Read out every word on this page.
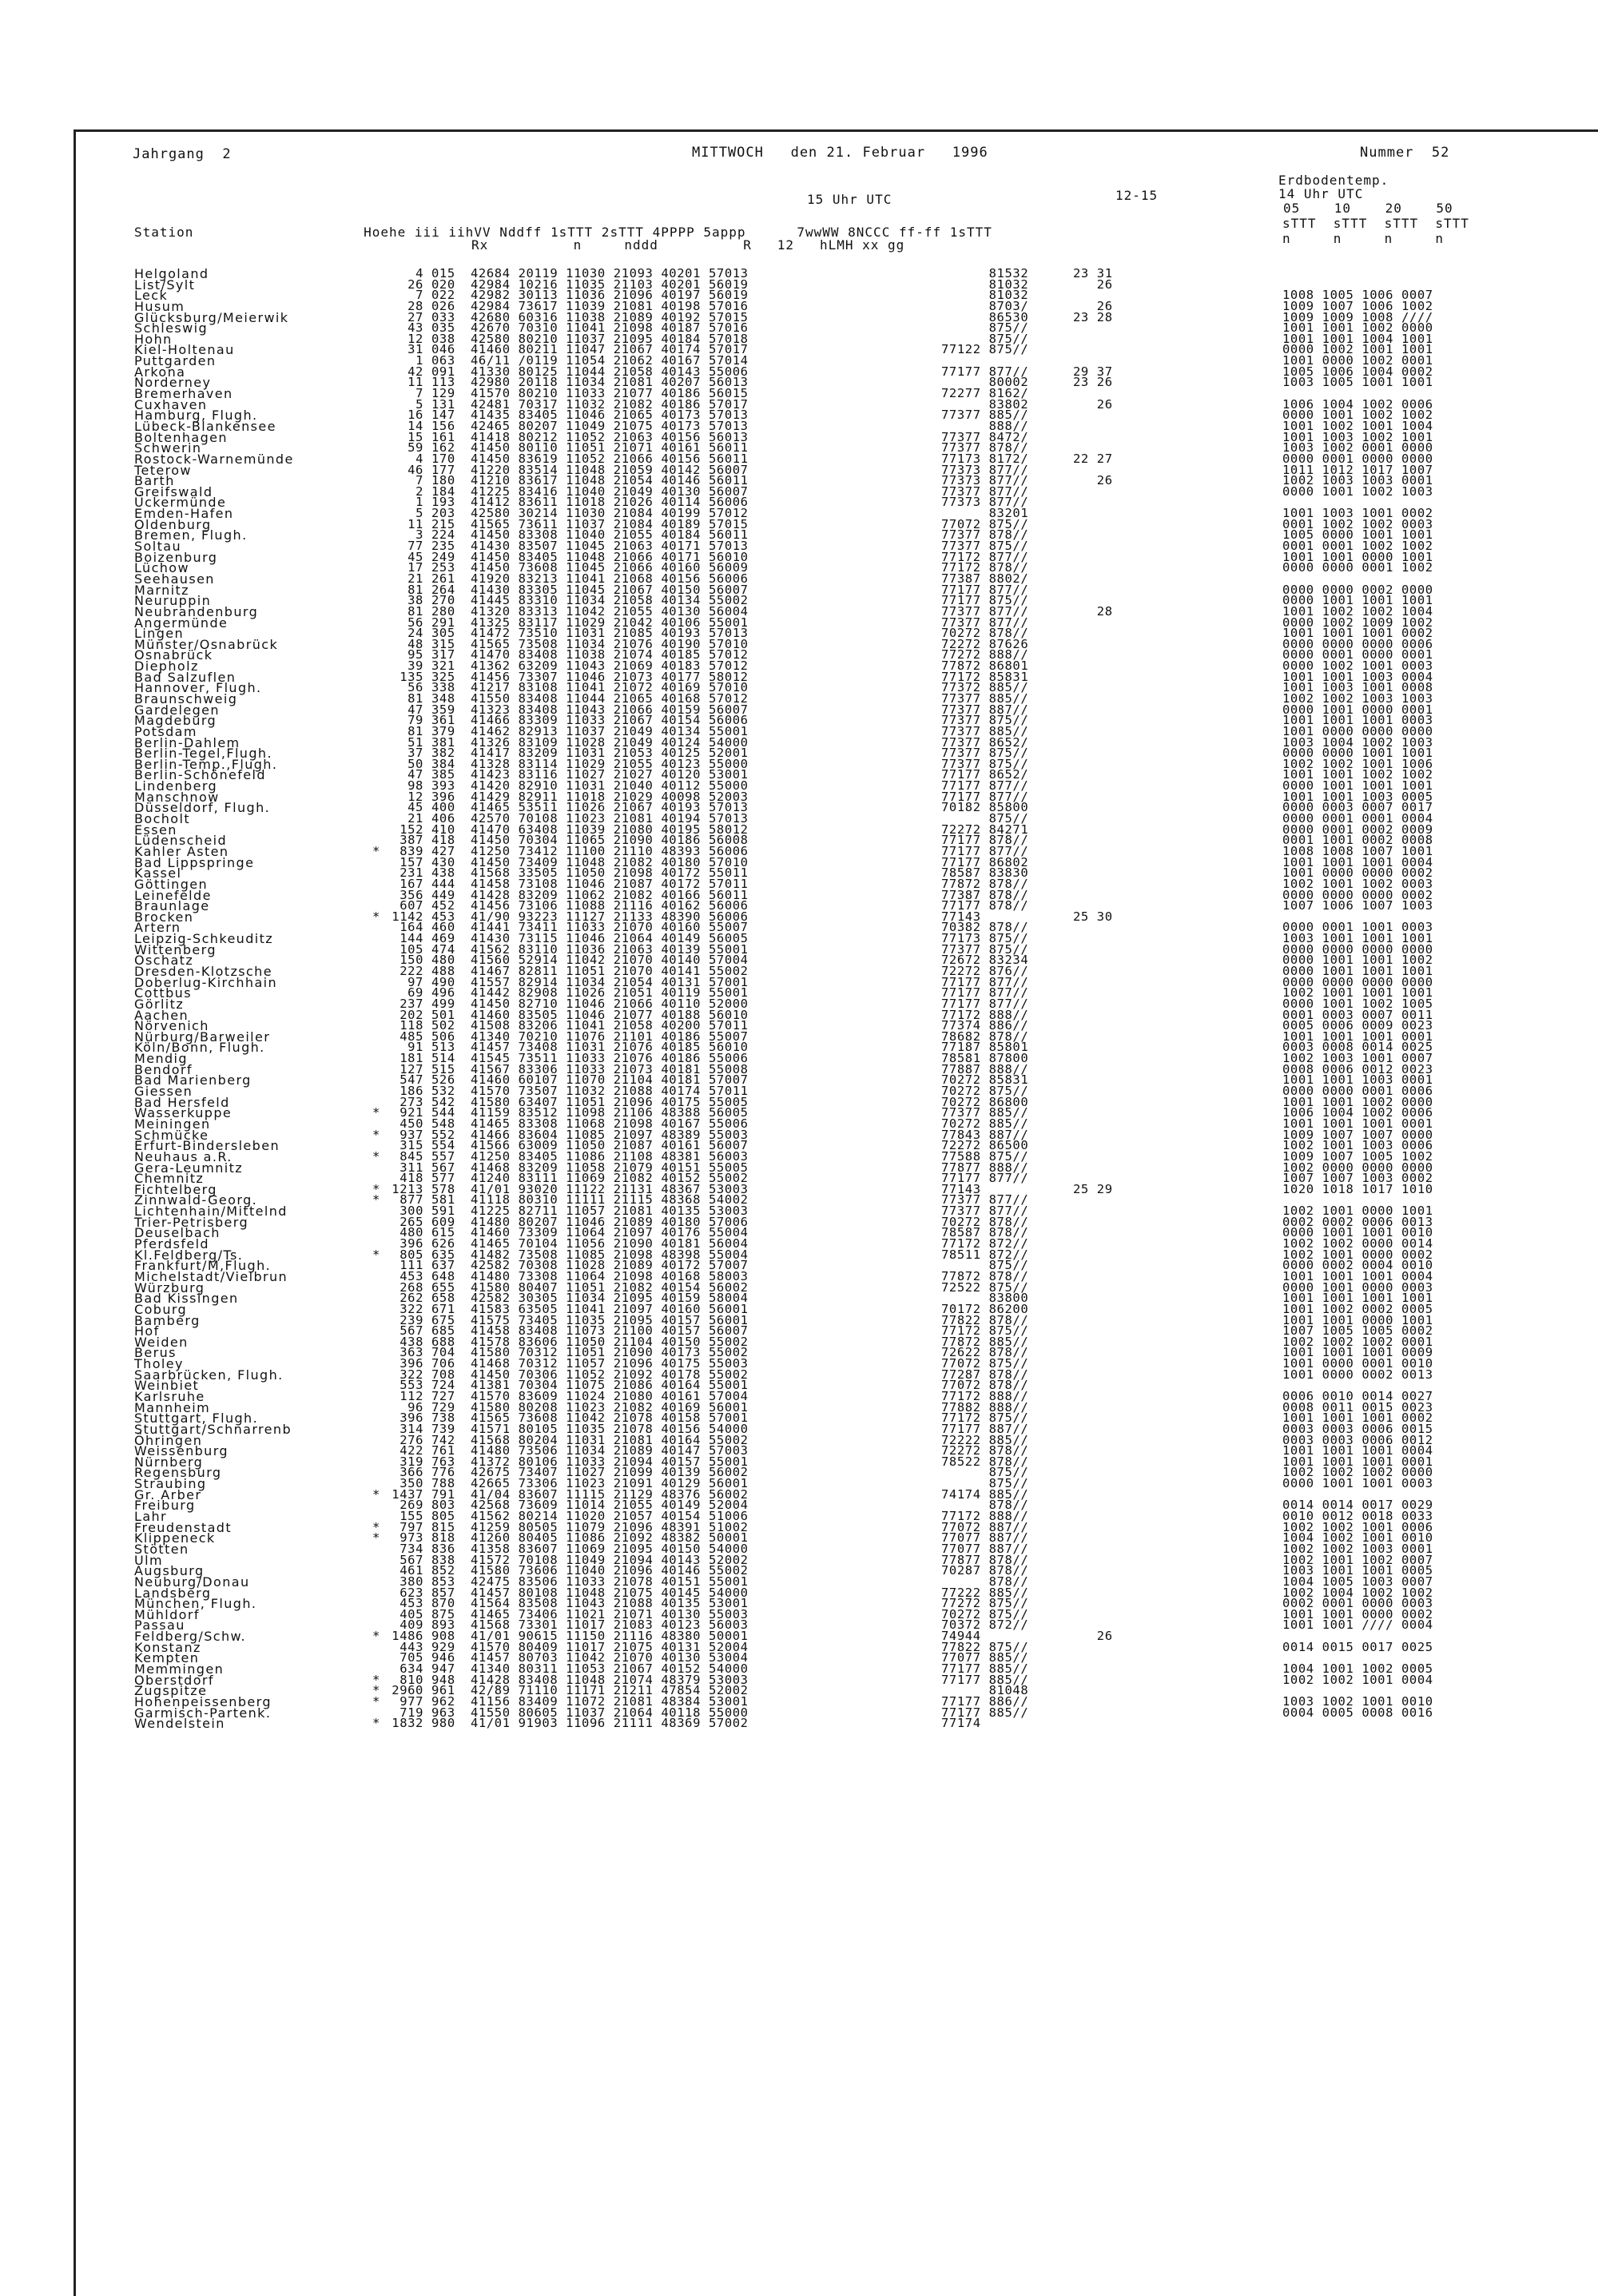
Jahrgang  2	MITTWOCH   den 21. Februar   1996	Nummer  52
Erdbodentemp.
14 Uhr UTC
15 Uhr UTC	12-15
05    10    20    50
Station                    Hoehe iii iihVV Nddff 1sTTT 2sTTT 4PPPP 5appp      7wwWW 8NCCC ff-ff 1sTTT
sTTT  sTTT  sTTT  sTTT
Rx          n     nddd          R   12   hLMH xx gg	n     n     n     n
Helgoland	4 015 42684 20119 11030 21093 40201 57013	81532	23 31
List/Sylt	26 020 42984 10216 11035 21103 40201 56019	81032	26
Leck	7 022 42982 30113 11036 21096 40197 56019	81032	1008 1005 1006 0007
Husum	28 026 42984 73617 11039 21081 40198 57016	8703/	26	1009 1007 1006 1002
Glücksburg/Meierwik	27 033 42680 60316 11038 21089 40192 57015	86530	23 28	1009 1009 1008 ////
Schleswig	43 035 42670 70310 11041 21098 40187 57016	875//	1001 1001 1002 0000
Hohn	12 038 42580 80210 11037 21095 40184 57018	875//	1001 1001 1004 1001
Kiel-Holtenau	31 046 41460 80211 11047 21067 40174 57017	77122 875//	0000 1002 1001 1001
Puttgarden	1 063 46/11 /0119 11054 21062 40167 57014	1001 0000 1002 0001
Arkona	42 091 41330 80125 11044 21058 40143 55006	77177 877//	29 37	1005 1006 1004 0002
Norderney	11 113 42980 20118 11034 21081 40207 56013	80002	23 26	1003 1005 1001 1001
Bremerhaven	7 129 41570 80210 11033 21077 40186 56015	72277 8162/
Cuxhaven	5 131 42481 70317 11032 21082 40186 57017	83802	26	1006 1004 1002 0006
Hamburg, Flugh.	16 147 41435 83405 11046 21065 40173 57013	77377 885//	0000 1001 1002 1002
Lübeck-Blankensee	14 156 42465 80207 11049 21075 40173 57013	888//	1001 1002 1001 1004
Boltenhagen	15 161 41418 80212 11052 21063 40156 56013	77377 8472/	1001 1003 1002 1001
Schwerin	59 162 41450 80110 11051 21071 40161 56011	77377 878//	1003 1002 0001 0000
Rostock-Warnemünde	4 170 41450 83619 11052 21066 40156 56011	77173 8172/	22 27	0000 0001 0000 0000
Teterow	46 177 41220 83514 11048 21059 40142 56007	77373 877//	1011 1012 1017 1007
Barth	7 180 41210 83617 11048 21054 40146 56011	77373 877//	26	1002 1003 1003 0001
Greifswald	2 184 41225 83416 11040 21049 40130 56007	77377 877//	0000 1001 1002 1003
Ückermünde	1 193 41412 83611 11018 21026 40114 56006	77373 877//
Emden-Hafen	5 203 42580 30214 11030 21084 40199 57012	83201	1001 1003 1001 0002
Oldenburg	11 215 41565 73611 11037 21084 40189 57015	77072 875//	0001 1002 1002 0003
Bremen, Flugh.	3 224 41450 83308 11040 21055 40184 56011	77377 878//	1005 0000 1001 1001
Soltau	77 235 41430 83507 11045 21063 40171 57013	77377 875//	0001 0001 1002 1002
Boizenburg	45 249 41450 83405 11048 21066 40171 56010	77172 877//	1001 1001 0000 1001
Lüchow	17 253 41450 73608 11045 21066 40160 56009	77172 878//	0000 0000 0001 1002
Seehausen	21 261 41920 83213 11041 21068 40156 56006	77387 8802/
Marnitz	81 264 41430 83305 11045 21067 40150 56007	77177 877//	0000 0000 0002 0000
Neuruppin	38 270 41445 83310 11034 21058 40134 55002	77177 875//	0000 1001 1001 1001
Neubrandenburg	81 280 41320 83313 11042 21055 40130 56004	77377 877//	28	1001 1002 1002 1004
Angermünde	56 291 41325 83117 11029 21042 40106 55001	77377 877//	0000 1002 1009 1002
Lingen	24 305 41472 73510 11031 21085 40193 57013	70272 878//	1001 1001 1001 0002
Münster/Osnabrück	48 315 41565 73508 11034 21076 40190 57010	72272 87626	0000 0000 0000 0006
Osnabrück	95 317 41470 83408 11038 21074 40185 57012	77272 888//	0000 0001 0000 0001
Diepholz	39 321 41362 63209 11043 21069 40183 57012	77872 86801	0000 1002 1001 0003
Bad Salzuflen	135 325 41456 73307 11046 21073 40177 58012	77172 85831	1001 1001 1003 0004
Hannover, Flugh.	56 338 41217 83108 11041 21072 40169 57010	77372 885//	1001 1003 1001 0008
Braunschweig	81 348 41550 83408 11044 21065 40168 57012	77377 885//	1002 1002 1003 1003
Gardelegen	47 359 41323 83408 11043 21066 40159 56007	77377 887//	0000 1001 0000 0001
Magdeburg	79 361 41466 83309 11033 21067 40154 56006	77377 875//	1001 1001 1001 0003
Potsdam	81 379 41462 82913 11037 21049 40134 55001	77377 885//	1001 0000 0000 0000
Berlin-Dahlem	51 381 41326 83109 11028 21049 40124 54000	77377 8652/	1003 1004 1002 1003
Berlin-Tegel,Flugh.	37 382 41417 83209 11031 21053 40125 52001	77377 875//	0000 0000 1001 1001
Berlin-Temp.,Flugh.	50 384 41328 83114 11029 21055 40123 55000	77377 875//	1002 1002 1001 1006
Berlin-Schönefeld	47 385 41423 83116 11027 21027 40120 53001	77177 8652/	1001 1001 1002 1002
Lindenberg	98 393 41420 82910 11031 21040 40112 55000	77177 877//	0000 1001 1001 1001
Manschnow	12 396 41429 82911 11018 21029 40098 52003	77177 877//	1001 1001 1003 0005
Düsseldorf, Flugh.	45 400 41465 53511 11026 21067 40193 57013	70182 85800	0000 0003 0007 0017
Bocholt	21 406 42570 70108 11023 21081 40194 57013	875//	0000 0001 0001 0004
Essen	152 410 41470 63408 11039 21080 40195 58012	72272 84271	0000 0001 0002 0009
Lüdenscheid	387 418 41450 70304 11065 21090 40186 56008	77177 878//	0001 1001 0002 0008
Kahler Asten	*	839 427 41250 73412 11100 21110 48393 56006	77177 877//	1008 1008 1007 1001
Bad Lippspringe	157 430 41450 73409 11048 21082 40180 57010	77177 86802	1001 1001 1001 0004
Kassel	231 438 41568 33505 11050 21098 40172 55011	78587 83830	1001 0000 0000 0002
Göttingen	167 444 41458 73108 11046 21087 40172 57011	77872 878//	1002 1001 1002 0003
Leinefelde	356 449 41428 83209 11062 21082 40166 56011	77387 878//	0000 0000 0000 0002
Braunlage	607 452 41456 73106 11088 21116 40162 56006	77177 878//	1007 1006 1007 1003
Brocken	* 1142 453 41/90 93223 11127 21133 48390 56006	77143	25 30
Artern	164 460 41441 73411 11033 21070 40160 55007	70382 878//	0000 0001 1001 0003
Leipzig-Schkeuditz	144 469 41430 73115 11046 21064 40149 56005	77173 875//	1003 1001 1001 1001
Wittenberg	105 474 41562 83110 11036 21063 40139 55001	77377 875//	0000 0000 0000 0000
Oschatz	150 480 41560 52914 11042 21070 40140 57004	72672 83234	0000 1001 1001 1002
Dresden-Klotzsche	222 488 41467 82811 11051 21070 40141 55002	72272 876//	0000 1001 1001 1001
Doberlug-Kirchhain	97 490 41557 82914 11034 21054 40131 57001	77177 877//	0000 0000 0000 0000
Cottbus	69 496 41442 82908 11026 21051 40119 55001	77177 877//	1002 1001 1001 1001
Görlitz	237 499 41450 82710 11046 21066 40110 52000	77177 877//	0000 1001 1002 1005
Aachen	202 501 41460 83505 11046 21077 40188 56010	77172 888//	0001 0003 0007 0011
Nörvenich	118 502 41508 83206 11041 21058 40200 57011	77374 886//	0005 0006 0009 0023
Nürburg/Barweiler	485 506 41340 70210 11076 21101 40186 55007	78682 878//	1001 1001 1001 0001
Köln/Bonn, Flugh.	91 513 41457 73408 11031 21076 40185 56010	77187 85801	0003 0008 0014 0025
Mendig	181 514 41545 73511 11033 21076 40186 55006	78581 87800	1002 1003 1001 0007
Bendorf	127 515 41567 83306 11033 21073 40181 55008	77887 888//	0008 0006 0012 0023
Bad Marienberg	547 526 41460 60107 11070 21104 40181 57007	70272 85831	1001 1001 1003 0001
Giessen	186 532 41570 73507 11032 21088 40174 57011	70272 875//	0000 0000 0001 0006
Bad Hersfeld	273 542 41580 63407 11051 21096 40175 55005	70272 86800	1001 1001 1002 0000
Wasserkuppe	*	921 544 41159 83512 11098 21106 48388 56005	77377 885//	1006 1004 1002 0006
Meiningen	450 548 41465 83308 11068 21098 40167 55006	70272 885//	1001 1001 1001 0001
Schmücke	*	937 552 41466 83604 11085 21097 48389 55003	77843 887//	1009 1007 1007 0000
Erfurt-Bindersleben	315 554 41566 63009 11050 21087 40161 56007	72272 86500	1002 1001 1003 0006
Neuhaus a.R.	*	845 557 41250 83405 11086 21108 48381 56003	77588 875//	1009 1007 1005 1002
Gera-Leumnitz	311 567 41468 83209 11058 21079 40151 55005	77877 888//	1002 0000 0000 0000
Chemnitz	418 577 41240 83111 11069 21082 40152 55002	77177 877//	1007 1007 1003 0002
Fichtelberg	* 1213 578 41/01 93020 11122 21131 48367 53003	77143	25 29	1020 1018 1017 1010
Zinnwald-Georg.	*	877 581 41118 80310 11111 21115 48368 54002	77377 877//
Lichtenhain/Mittelnd	300 591 41225 82711 11057 21081 40135 53003	77377 877//	1002 1001 0000 1001
Trier-Petrisberg	265 609 41480 80207 11046 21089 40180 57006	70272 878//	0002 0002 0006 0013
Deuselbach	480 615 41460 73309 11064 21097 40176 55004	78587 878//	0000 1001 1001 0010
Pferdsfeld	396 626 41465 70104 11056 21090 40181 56004	77172 872//	1002 1002 0000 0014
Kl.Feldberg/Ts.	*	805 635 41482 73508 11085 21098 48398 55004	78511 872//	1002 1001 0000 0002
Frankfurt/M,Flugh.	111 637 42582 70308 11028 21089 40172 57007	875//	0000 0002 0004 0010
Michelstadt/Vielbrun	453 648 41480 73308 11064 21098 40168 58003	77872 878//	1001 1001 1001 0004
Würzburg	268 655 41580 80407 11051 21082 40154 56002	72522 875//	0000 1001 0000 0003
Bad Kissingen	262 658 42582 30305 11034 21095 40159 58004	83800	1001 1001 1001 1001
Coburg	322 671 41583 63505 11041 21097 40160 56001	70172 86200	1001 1002 0002 0005
Bamberg	239 675 41575 73405 11035 21095 40157 56001	77822 878//	1001 1001 0000 1001
Hof	567 685 41458 83408 11073 21100 40157 56007	77172 875//	1007 1005 1005 0002
Weiden	438 688 41578 83606 11050 21104 40150 55002	77872 885//	1002 1002 1002 0001
Berus	363 704 41580 70312 11051 21090 40173 55002	72622 878//	1001 1001 1001 0009
Tholey	396 706 41468 70312 11057 21096 40175 55003	77072 875//	1001 0000 0001 0010
Saarbrücken, Flugh.	322 708 41450 70306 11052 21092 40178 55002	77287 878//	1001 0000 0002 0013
Weinbiet	553 724 41381 70304 11075 21086 40164 55001	77072 878//
Karlsruhe	112 727 41570 83609 11024 21080 40161 57004	77172 888//	0006 0010 0014 0027
Mannheim	96 729 41580 80208 11023 21082 40169 56001	77882 888//	0008 0011 0015 0023
Stuttgart, Flugh.	396 738 41565 73608 11042 21078 40158 57001	77172 875//	1001 1001 1001 0002
Stuttgart/Schnarrenb	314 739 41571 80105 11035 21078 40156 54000	77177 887//	0003 0003 0006 0015
Öhringen	276 742 41568 80204 11031 21081 40164 55002	72222 885//	0003 0003 0006 0012
Weissenburg	422 761 41480 73506 11034 21089 40147 57003	72272 878//	1001 1001 1001 0004
Nürnberg	319 763 41372 80106 11033 21094 40157 55001	78522 878//	1001 1001 1001 0001
Regensburg	366 776 42675 73407 11027 21099 40139 56002	875//	1002 1002 1002 0000
Straubing	350 788 42665 73306 11023 21091 40129 56001	875//	0000 1001 1001 0003
Gr. Arber	* 1437 791 41/04 83607 11115 21129 48376 56002	74174 885//
Freiburg	269 803 42568 73609 11014 21055 40149 52004	878//	0014 0014 0017 0029
Lahr	155 805 41562 80214 11020 21057 40154 51006	77172 888//	0010 0012 0018 0033
Freudenstadt	*	797 815 41259 80505 11079 21096 48391 51002	77072 887//	1002 1002 1001 0006
Klippeneck	*	973 818 41260 80405 11086 21092 48382 50001	77077 887//	1004 1002 1001 0010
Stötten	734 836 41358 83607 11069 21095 40150 54000	77077 887//	1002 1002 1003 0001
Ulm	567 838 41572 70108 11049 21094 40143 52002	77877 878//	1002 1001 1002 0007
Augsburg	461 852 41580 73606 11040 21096 40146 55002	70287 878//	1003 1001 1001 0005
Neuburg/Donau	380 853 42475 83506 11033 21078 40151 55001	878//	1004 1005 1003 0007
Landsberg	623 857 41457 80108 11048 21075 40145 54000	77222 885//	1002 1004 1002 1002
München, Flugh.	453 870 41564 83508 11043 21088 40135 53001	77272 875//	0002 0001 0000 0003
Mühldorf	405 875 41465 73406 11021 21071 40130 55003	70272 875//	1001 1001 0000 0002
Passau	409 893 41568 73301 11017 21083 40123 56003	70372 872//	1001 1001 //// 0004
Feldberg/Schw.	* 1486 908 41/01 90615 11150 21116 48380 50001	74944	26
Konstanz	443 929 41570 80409 11017 21075 40131 52004	77822 875//	0014 0015 0017 0025
Kempten	705 946 41457 80703 11042 21070 40130 53004	77077 885//
Memmingen	634 947 41340 80311 11053 21067 40152 54000	77177 885//	1004 1001 1002 0005
Oberstdorf	*	810 948 41428 83408 11048 21074 48379 53003	77177 885//	1002 1002 1001 0004
Zugspitze	* 2960 961 42/89 71110 11171 21211 47854 52002	81048
Hohenpeissenberg	*	977 962 41156 83409 11072 21081 48384 53001	77177 886//	1003 1002 1001 0010
Garmisch-Partenk.	719 963 41550 80605 11037 21064 40118 55000	77177 885//	0004 0005 0008 0016
Wendelstein	* 1832 980 41/01 91903 11096 21111 48369 57002	77174
